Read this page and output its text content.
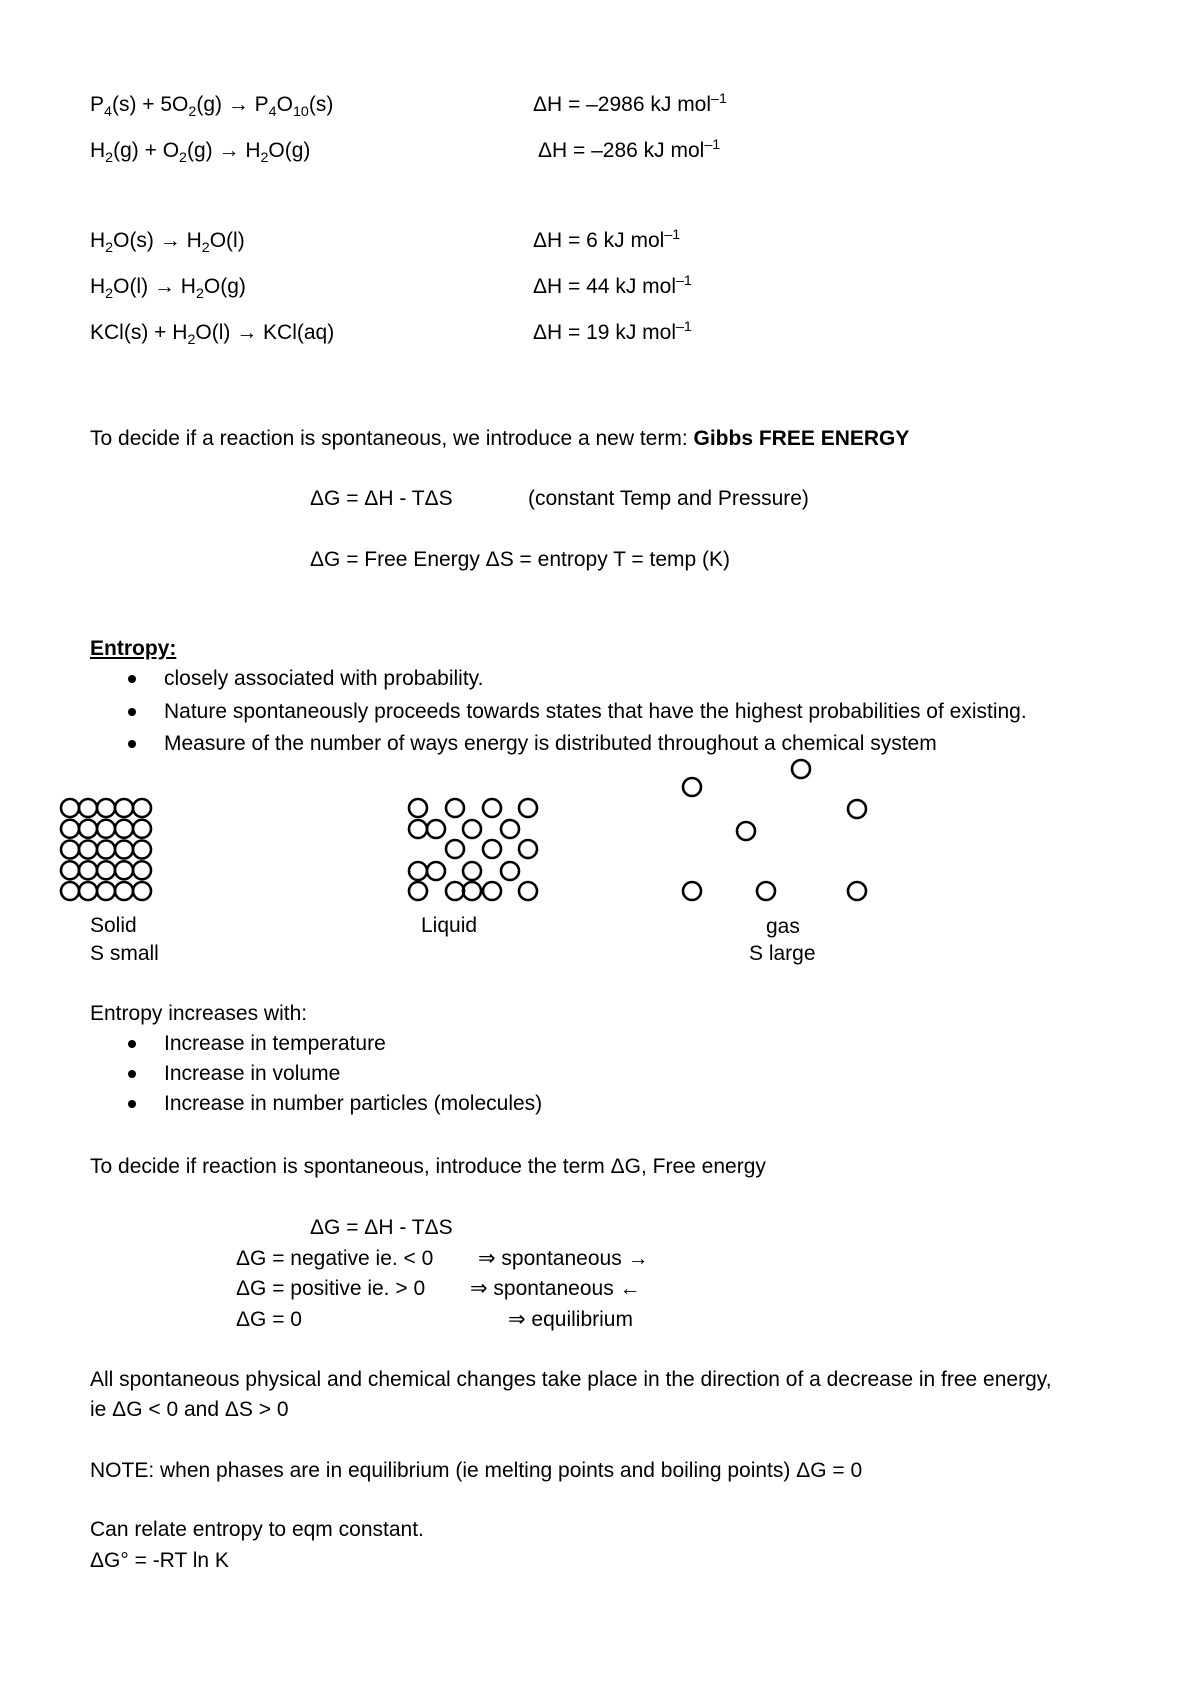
$P_4(s) + 5O_2(g) \to P_4O_{10}(s)$	ΔH = –2986 kJ mol$^{-1}$
$H_2(g) + O_2(g) \to H_2O(g)$	ΔH = –286 kJ mol$^{-1}$
$H_2O(s) \to H_2O(l)$	ΔH = 6 kJ mol$^{-1}$
$H_2O(l) \to H_2O(g)$	ΔH = 44 kJ mol$^{-1}$
$KCl(s) + H_2O(l) \to KCl(aq)$	ΔH = 19 kJ mol$^{-1}$
To decide if a reaction is spontaneous, we introduce a new term: Gibbs FREE ENERGY
ΔG = ΔH - TΔS	(constant Temp and Pressure)
ΔG = Free Energy ΔS = entropy T = temp (K)
Entropy:
closely associated with probability.
Nature spontaneously proceeds towards states that have the highest probabilities of existing.
Measure of the number of ways energy is distributed throughout a chemical system
Solid
S small
Liquid	gas
S large
Entropy increases with:
Increase in temperature
Increase in volume
Increase in number particles (molecules)
To decide if reaction is spontaneous, introduce the term ΔG, Free energy
ΔG = ΔH - TΔS
ΔG = negative ie. < 0 ⇒ spontaneous →
ΔG = positive ie. > 0 ⇒ spontaneous ←
ΔG = 0	⇒ equilibrium
All spontaneous physical and chemical changes take place in the direction of a decrease in free energy,
ie ΔG < 0 and ΔS > 0
NOTE: when phases are in equilibrium (ie melting points and boiling points) ΔG = 0
Can relate entropy to eqm constant.
ΔG° = -RT ln K
